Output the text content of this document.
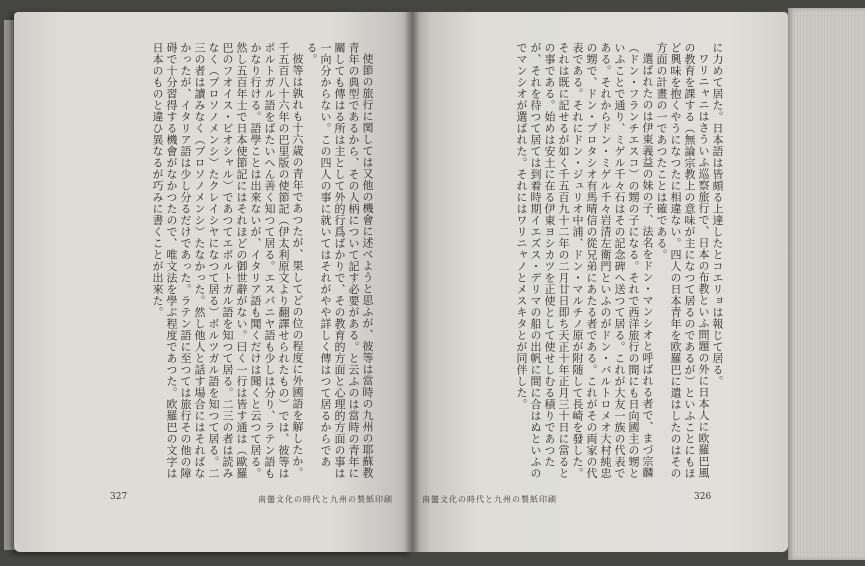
に力めて居た。日本語は皆頗る上達したとコエリョは報じて居る。

ワリニャニはさういふ巡察旅行で、日本の布教といふ問題の外に日本人に欧羅巴風の教育を課する（無論宗教上の意味が主になつて居るのであるが）といふことにもほど興味を抱くやうになつたに相違ない。四人の日本青年を欧羅巴に遣はしたのはその方面の計畫の一であつたことは確である。

選ばれたのは伊東義益の妹の子、法名をドン・マンシオと呼ばれる者で、まづ宗麟（ドン・フランチエスコ）の甥の子になる。それで西洋旅行の間にも日向國主の甥といふことで通り、ミゲル千々石はその記念碑へ送つて居る。これが大友一族の代表である。それからドン・ミゲル千々岩清左衛門といふのがドン・バルトロメオ大村純忠の甥で、ドン・プロタシオ有馬晴信の從兄弟にあたる者である。これがその両家の代表である。それにドン・ジュリオ中浦、ドン・マルチノ原が附随して長崎を發した。それは既に記せるが如く千五百九十二年の二月廿日即ち天正十年正月三十日に當るとの事である。始めは安土に在る伊東ヨシカツを正使として使せしむる積りであつたが、それを待つて居ては到着時期イエズス・デリマの船の出帆に間に合はぬといふのでマンシオが選ばれた。それにはワリニャノとメスキタとが同伴した。

使節の旅行に関しては又他の機會に述べようと思ふが、彼等は當時の九州の耶蘇教青年の典型であるから、その人柄について記す必要がある。と云ふのは當時の青年に關しても傳はる所は主として外的行爲ばかりで、その教育的方面と心理的方面の事は一向分からない。この四人の事に就いてはそれがやや詳しく傳はつて居るからである。

彼等は孰れも十六歳の青年であつたが、果してどの位の程度に外國語を解したか。千五百八十六年の巴里版の使節記（伊太利原文より翻譯せられたもの）では、彼等はポルトガル語をばたいへん善く知つて居る。エスパニヤ語も少しは分り、ラテン語もかなり行ける。語學ことは出來ないが、イタリア語も聞くだけは聞くと云つて居る。然し五百年士で日本使節記にはそれほどの御世辭がない。曰く一行は皆す通は（歐羅巴のフオイス・ビオシャル）であつてエポルトガル語を知つて居る。二三の者は読みなく（プロソノメンシ）たクレイシヤになつて居る）ボルツガル語を知つて居る。二三の者は讀みなく（プロソノメンシ）たなかった。然し他人と話す場合にはそればなかったが、イタリア語は少し分るだけであった。ラテン語に至つては旅行その他の障碍で十分習得する機會がなかつたので、唯文法を學ぶ程度であつた。欧羅巴の文字は日本のものと違ひ異なるが巧みに書くことが出來た。

327	南蠻文化の時代と九州の製紙印刷	南蠻文化の時代と九州の製紙印刷	326
